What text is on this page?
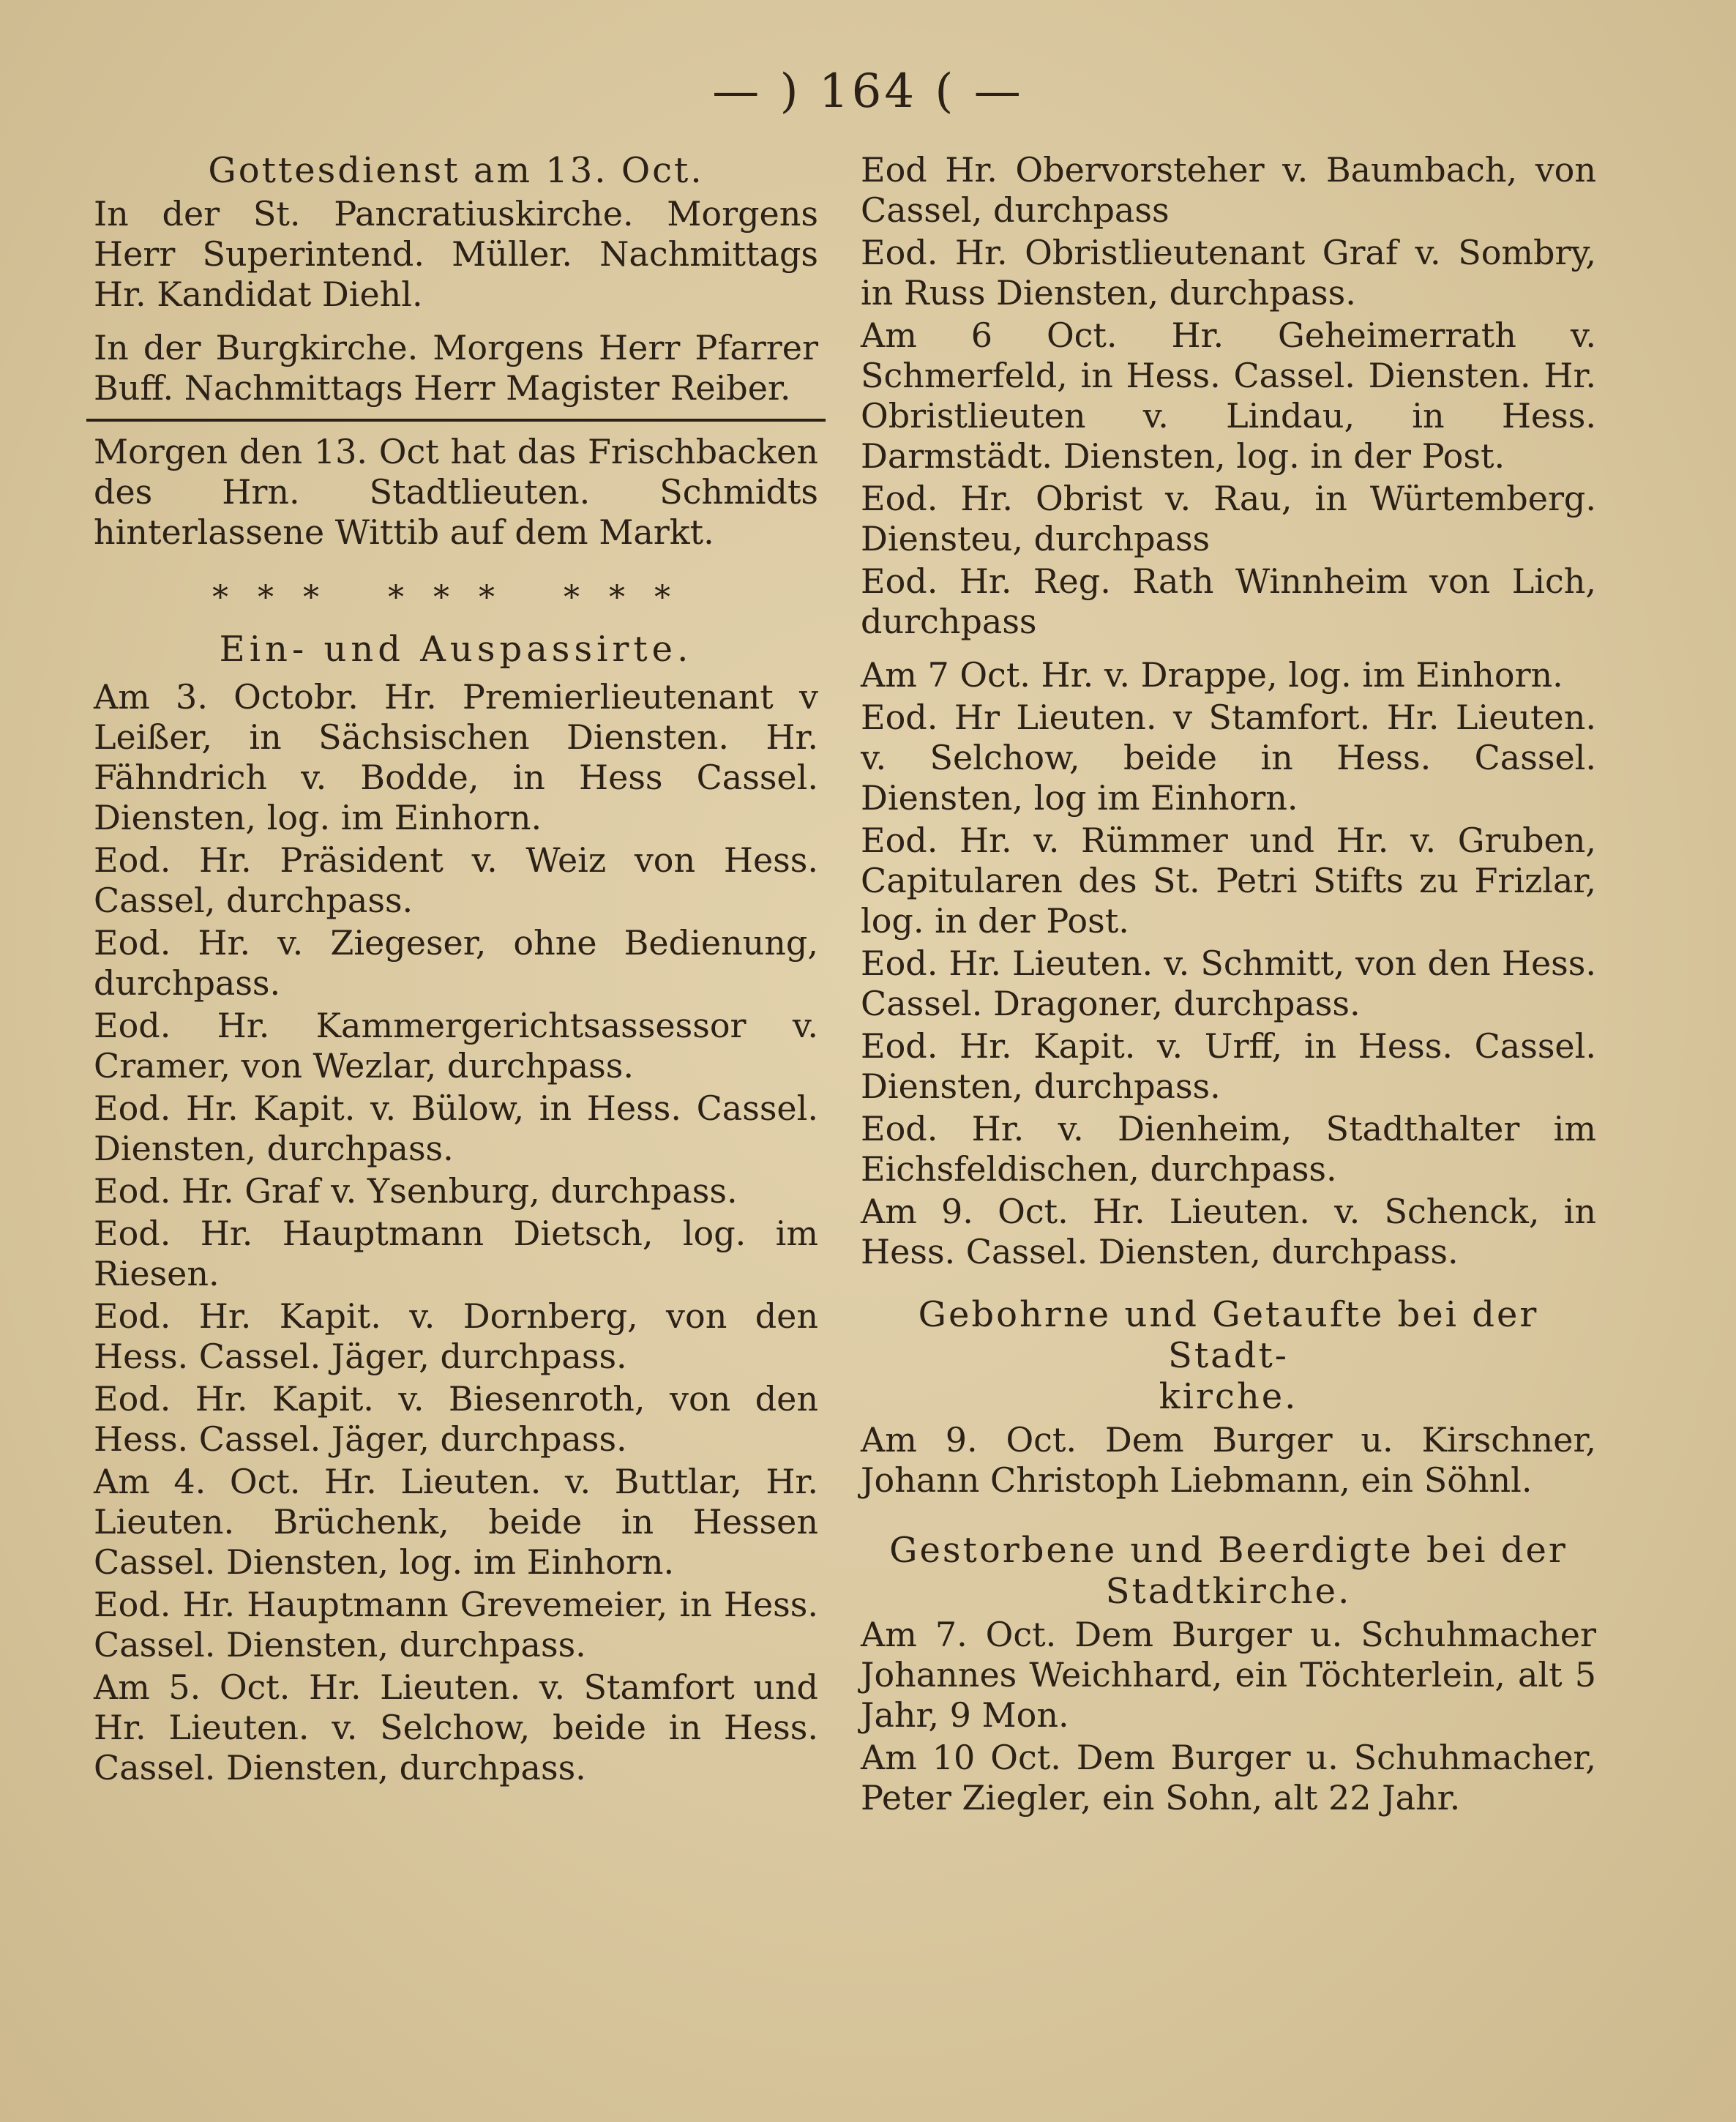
— ) 164 ( —
Gottesdienst am 13. Oct.

In der St. Pancratiuskirche. Morgens Herr Superintend. Müller. Nachmittags Hr. Kandidat Diehl.

In der Burgkirche. Morgens Herr Pfarrer Buff. Nachmittags Herr Magister Reiber.

Morgen den 13. Oct hat das Frischbacken des Hrn. Stadtlieuten. Schmidts hinterlassene Wittib auf dem Markt.

*** *** ***
Ein- und Auspassirte.

Am 3. Octobr. Hr. Premierlieutenant v Leißer, in Sächsischen Diensten. Hr. Fähndrich v. Bodde, in Hess Cassel. Diensten, log. im Einhorn.

Eod. Hr. Präsident v. Weiz von Hess. Cassel, durchpass.

Eod. Hr. v. Ziegeser, ohne Bedienung, durchpass.

Eod. Hr. Kammergerichtsassessor v. Cramer, von Wezlar, durchpass.

Eod. Hr. Kapit. v. Bülow, in Hess. Cassel. Diensten, durchpass.

Eod. Hr. Graf v. Ysenburg, durchpass.

Eod. Hr. Hauptmann Dietsch, log. im Riesen.

Eod. Hr. Kapit. v. Dornberg, von den Hess. Cassel. Jäger, durchpass.

Eod. Hr. Kapit. v. Biesenroth, von den Hess. Cassel. Jäger, durchpass.

Am 4. Oct. Hr. Lieuten. v. Buttlar, Hr. Lieuten. Brüchenk, beide in Hessen Cassel. Diensten, log. im Einhorn.

Eod. Hr. Hauptmann Grevemeier, in Hess. Cassel. Diensten, durchpass.

Am 5. Oct. Hr. Lieuten. v. Stamfort und Hr. Lieuten. v. Selchow, beide in Hess. Cassel. Diensten, durchpass.

Eod Hr. Obervorsteher v. Baumbach, von Cassel, durchpass

Eod. Hr. Obristlieutenant Graf v. Sombry, in Russ Diensten, durchpass.

Am 6 Oct. Hr. Geheimerrath v. Schmerfeld, in Hess. Cassel. Diensten. Hr. Obristlieuten v. Lindau, in Hess. Darmstädt. Diensten, log. in der Post.

Eod. Hr. Obrist v. Rau, in Würtemberg. Diensteu, durchpass

Eod. Hr. Reg. Rath Winnheim von Lich, durchpass

Am 7 Oct. Hr. v. Drappe, log. im Einhorn.

Eod. Hr Lieuten. v Stamfort. Hr. Lieuten. v. Selchow, beide in Hess. Cassel. Diensten, log im Einhorn.

Eod. Hr. v. Rümmer und Hr. v. Gruben, Capitularen des St. Petri Stifts zu Frizlar, log. in der Post.

Eod. Hr. Lieuten. v. Schmitt, von den Hess. Cassel. Dragoner, durchpass.

Eod. Hr. Kapit. v. Urff, in Hess. Cassel. Diensten, durchpass.

Eod. Hr. v. Dienheim, Stadthalter im Eichsfeldischen, durchpass.

Am 9. Oct. Hr. Lieuten. v. Schenck, in Hess. Cassel. Diensten, durchpass.

Gebohrne und Getaufte bei der Stadt-
kirche.

Am 9. Oct. Dem Burger u. Kirschner, Johann Christoph Liebmann, ein Söhnl.

Gestorbene und Beerdigte bei der
Stadtkirche.

Am 7. Oct. Dem Burger u. Schuhmacher Johannes Weichhard, ein Töchterlein, alt 5 Jahr, 9 Mon.

Am 10 Oct. Dem Burger u. Schuhmacher, Peter Ziegler, ein Sohn, alt 22 Jahr.
